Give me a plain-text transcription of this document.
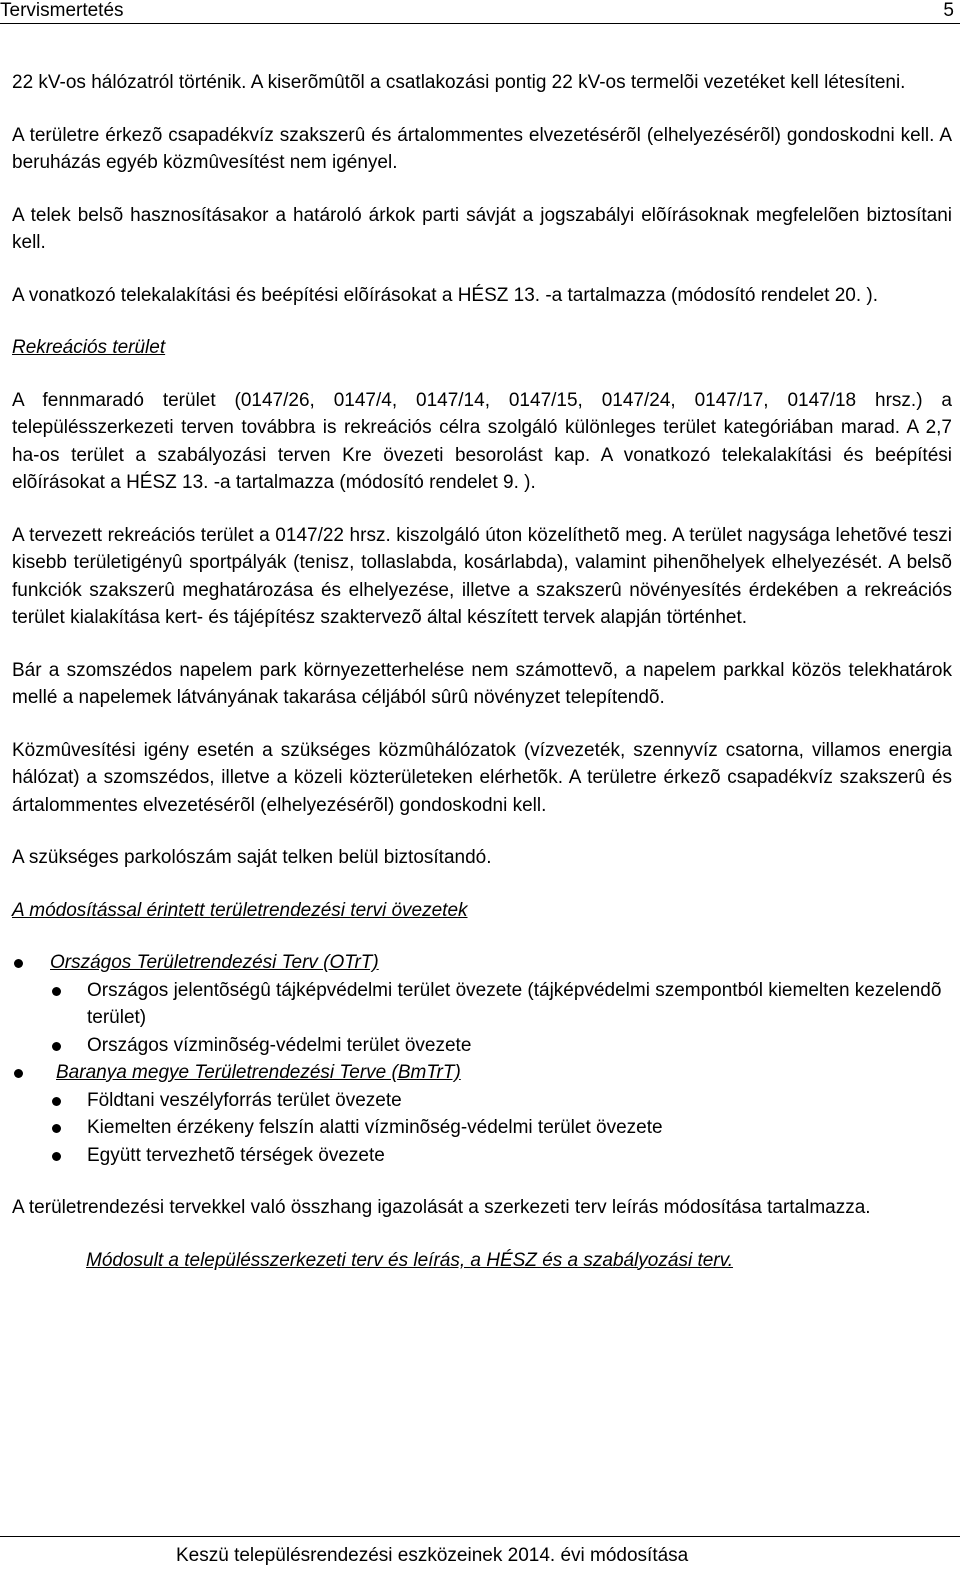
Tervismertetés	5

22 kV-os hálózatról történik. A kiserõmûtõl a csatlakozási pontig 22 kV-os termelõi vezetéket kell létesíteni.

A területre érkezõ csapadékvíz szakszerû és ártalommentes elvezetésérõl (elhelyezésérõl) gondoskodni kell. A beruházás egyéb közmûvesítést nem igényel.

A telek belsõ hasznosításakor a határoló árkok parti sávját a jogszabályi elõírásoknak megfelelõen biztosítani kell.

A vonatkozó telekalakítási és beépítési elõírásokat a HÉSZ 13. -a tartalmazza (módosító rendelet 20. ).

Rekreációs terület

A fennmaradó terület (0147/26, 0147/4, 0147/14, 0147/15, 0147/24, 0147/17, 0147/18 hrsz.) a településszerkezeti terven továbbra is rekreációs célra szolgáló különleges terület kategóriában marad. A 2,7 ha-os terület a szabályozási terven Kre övezeti besorolást kap. A vonatkozó telekalakítási és beépítési elõírásokat a HÉSZ 13. -a tartalmazza (módosító rendelet 9. ).

A tervezett rekreációs terület a 0147/22 hrsz. kiszolgáló úton közelíthetõ meg. A terület nagysága lehetõvé teszi kisebb területigényû sportpályák (tenisz, tollaslabda, kosárlabda), valamint pihenõhelyek elhelyezését. A belsõ funkciók szakszerû meghatározása és elhelyezése, illetve a szakszerû növényesítés érdekében a rekreációs terület kialakítása kert- és tájépítész szaktervezõ által készített tervek alapján történhet.

Bár a szomszédos napelem park környezetterhelése nem számottevõ, a napelem parkkal közös telekhatárok mellé a napelemek látványának takarása céljából sûrû növényzet telepítendõ.

Közmûvesítési igény esetén a szükséges közmûhálózatok (vízvezeték, szennyvíz csatorna, villamos energia hálózat) a szomszédos, illetve a közeli közterületeken elérhetõk. A területre érkezõ csapadékvíz szakszerû és ártalommentes elvezetésérõl (elhelyezésérõl) gondoskodni kell.

A szükséges parkolószám saját telken belül biztosítandó.

A módosítással érintett területrendezési tervi övezetek

Országos Területrendezési Terv (OTrT)
Országos jelentõségû tájképvédelmi terület övezete (tájképvédelmi szempontból kiemelten kezelendõ terület)
Országos vízminõség-védelmi terület övezete
Baranya megye Területrendezési Terve (BmTrT)
Földtani veszélyforrás terület övezete
Kiemelten érzékeny felszín alatti vízminõség-védelmi terület övezete
Együtt tervezhetõ térségek övezete

A területrendezési tervekkel való összhang igazolását a szerkezeti terv leírás módosítása tartalmazza.

Módosult a településszerkezeti terv és leírás, a HÉSZ és a szabályozási terv.

Keszü településrendezési eszközeinek 2014. évi módosítása
